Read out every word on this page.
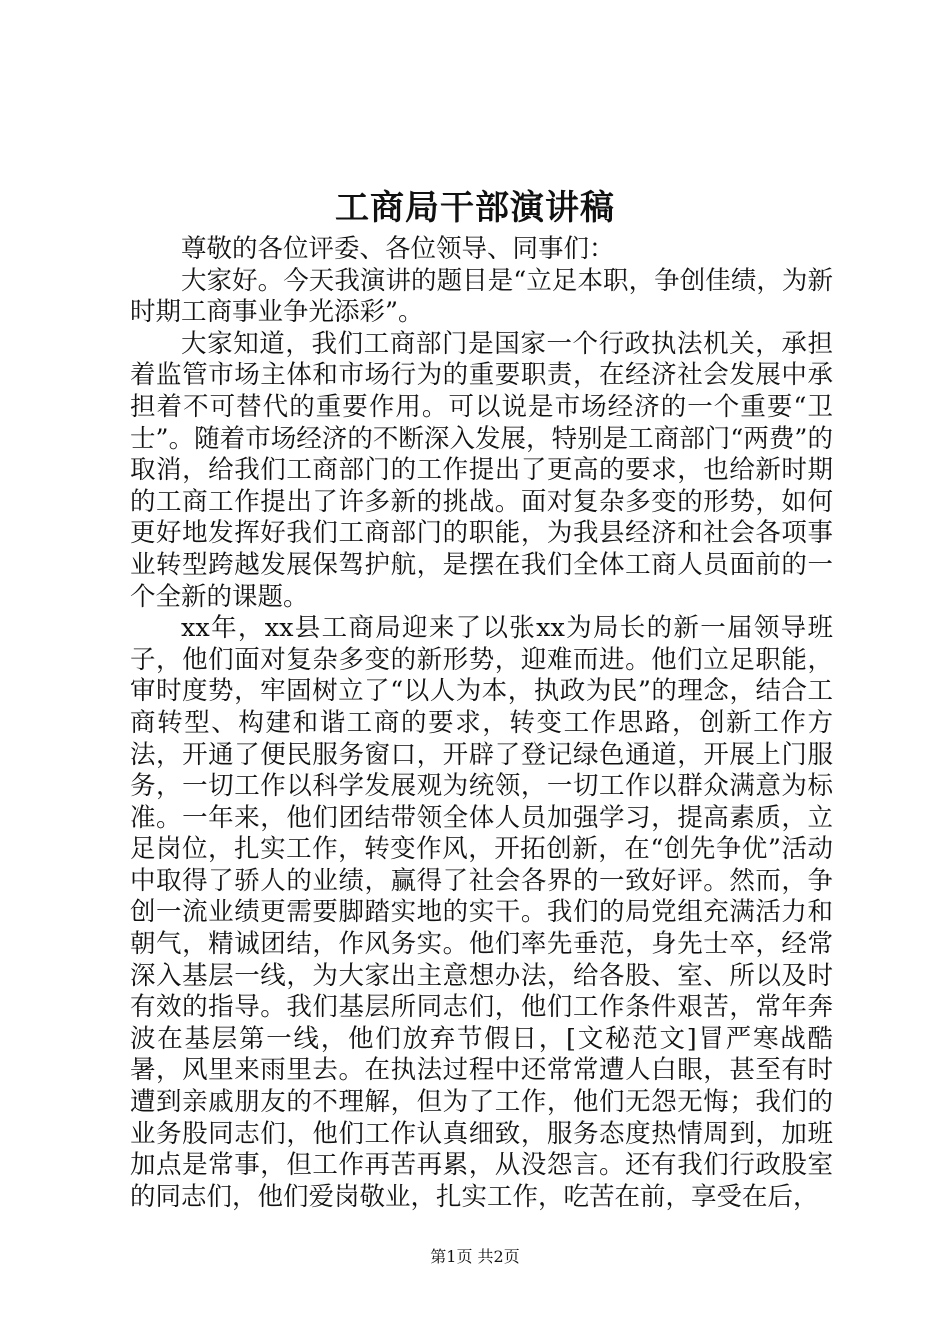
工商局干部演讲稿

尊敬的各位评委、各位领导、同事们：

大家好。今天我演讲的题目是“立足本职，争创佳绩，为新时期工商事业争光添彩”。

大家知道，我们工商部门是国家一个行政执法机关，承担着监管市场主体和市场行为的重要职责，在经济社会发展中承担着不可替代的重要作用。可以说是市场经济的一个重要“卫士”。随着市场经济的不断深入发展，特别是工商部门“两费”的取消，给我们工商部门的工作提出了更高的要求，也给新时期的工商工作提出了许多新的挑战。面对复杂多变的形势，如何更好地发挥好我们工商部门的职能，为我县经济和社会各项事业转型跨越发展保驾护航，是摆在我们全体工商人员面前的一个全新的课题。

xx年，xx县工商局迎来了以张xx为局长的新一届领导班子，他们面对复杂多变的新形势，迎难而进。他们立足职能，审时度势，牢固树立了“以人为本，执政为民”的理念，结合工商转型、构建和谐工商的要求，转变工作思路，创新工作方法，开通了便民服务窗口，开辟了登记绿色通道，开展上门服务，一切工作以科学发展观为统领，一切工作以群众满意为标准。一年来，他们团结带领全体人员加强学习，提高素质，立足岗位，扎实工作，转变作风，开拓创新，在“创先争优”活动中取得了骄人的业绩，赢得了社会各界的一致好评。然而，争创一流业绩更需要脚踏实地的实干。我们的局党组充满活力和朝气，精诚团结，作风务实。他们率先垂范，身先士卒，经常深入基层一线，为大家出主意想办法，给各股、室、所以及时有效的指导。我们基层所同志们，他们工作条件艰苦，常年奔波在基层第一线，他们放弃节假日，[文秘范文]冒严寒战酷暑，风里来雨里去。在执法过程中还常常遭人白眼，甚至有时遭到亲戚朋友的不理解，但为了工作，他们无怨无悔；我们的业务股同志们，他们工作认真细致，服务态度热情周到，加班加点是常事，但工作再苦再累，从没怨言。还有我们行政股室的同志们，他们爱岗敬业，扎实工作，吃苦在前，享受在后，

第1页 共2页
